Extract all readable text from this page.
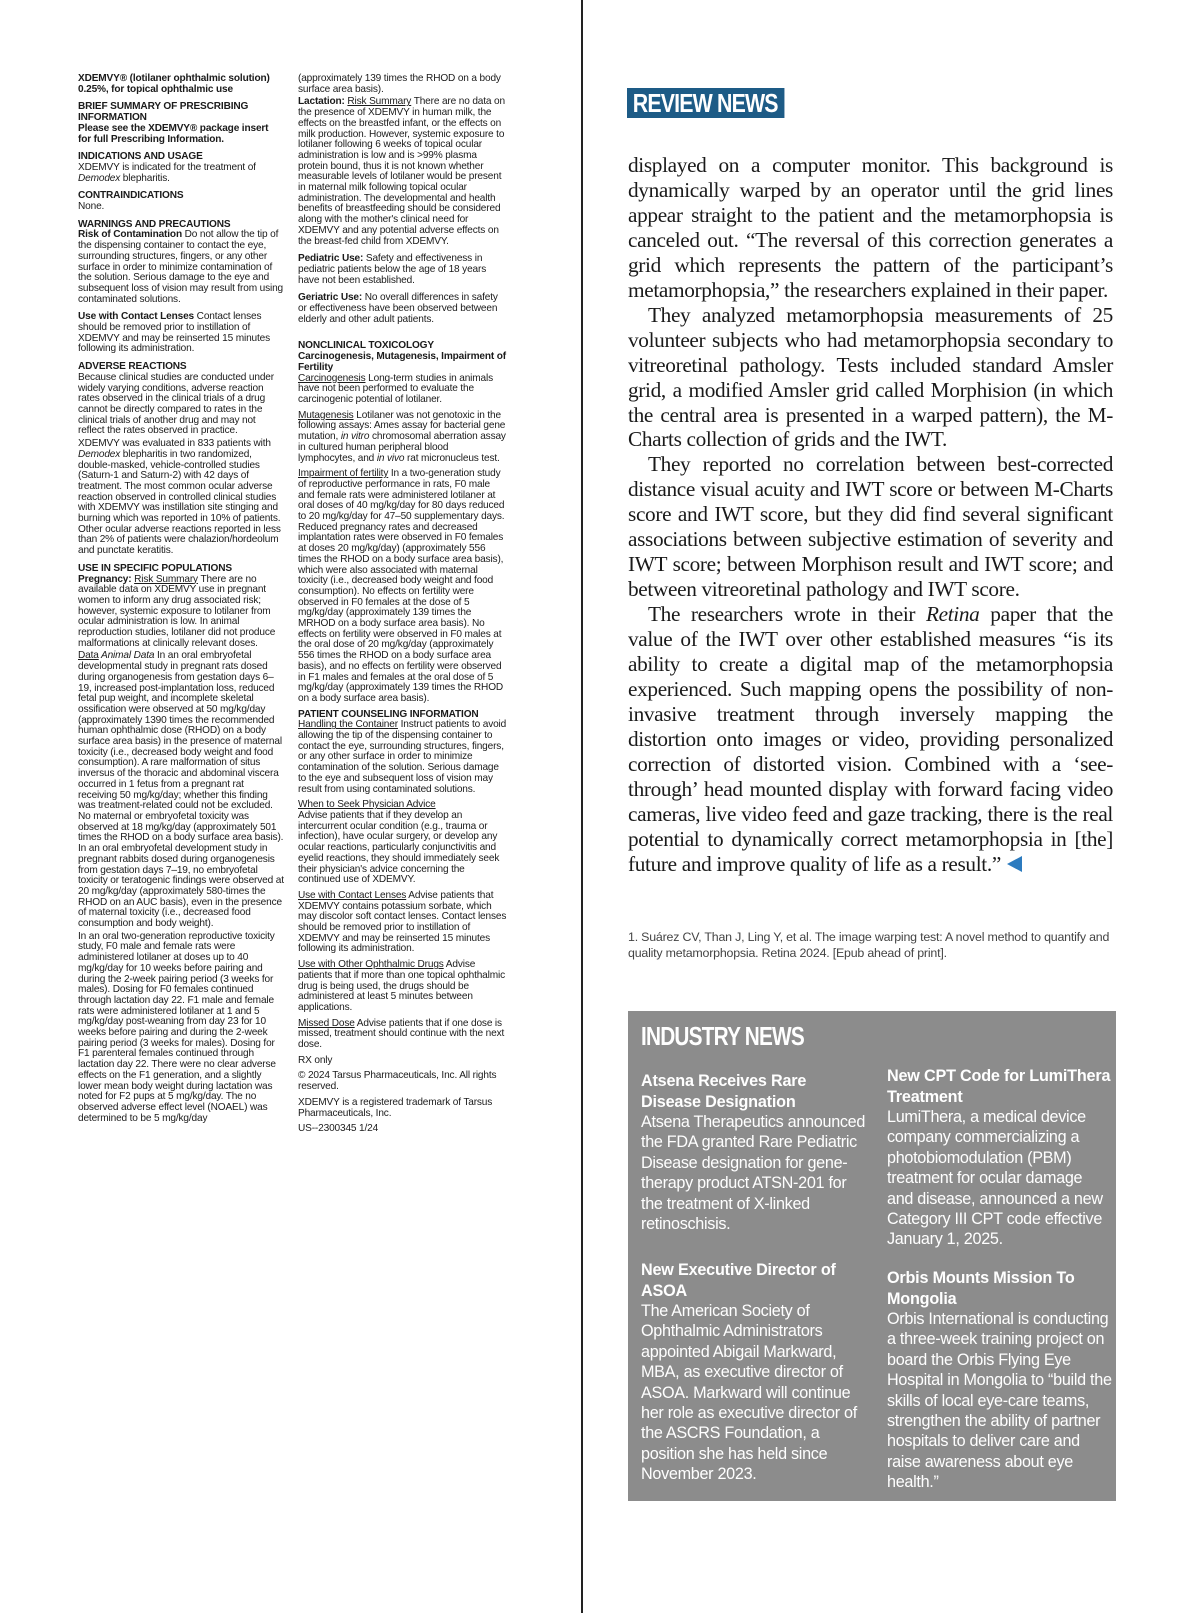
XDEMVY® (lotilaner ophthalmic solution) 0.25%, for topical ophthalmic use

BRIEF SUMMARY OF PRESCRIBING INFORMATION
Please see the XDEMVY® package insert for full Prescribing Information.

INDICATIONS AND USAGE
XDEMVY is indicated for the treatment of Demodex blepharitis.

CONTRAINDICATIONS
None.

WARNINGS AND PRECAUTIONS
Risk of Contamination Do not allow the tip of the dispensing container to contact the eye, surrounding structures, fingers, or any other surface in order to minimize contamination of the solution. Serious damage to the eye and subsequent loss of vision may result from using contaminated solutions.

Use with Contact Lenses Contact lenses should be removed prior to instillation of XDEMVY and may be reinserted 15 minutes following its administration.

ADVERSE REACTIONS
Because clinical studies are conducted under widely varying conditions, adverse reaction rates observed in the clinical trials of a drug cannot be directly compared to rates in the clinical trials of another drug and may not reflect the rates observed in practice.

XDEMVY was evaluated in 833 patients with Demodex blepharitis in two randomized, double-masked, vehicle-controlled studies (Saturn-1 and Saturn-2) with 42 days of treatment. The most common ocular adverse reaction observed in controlled clinical studies with XDEMVY was instillation site stinging and burning which was reported in 10% of patients. Other ocular adverse reactions reported in less than 2% of patients were chalazion/hordeolum and punctate keratitis.

USE IN SPECIFIC POPULATIONS
Pregnancy: Risk Summary There are no available data on XDEMVY use in pregnant women to inform any drug associated risk; however, systemic exposure to lotilaner from ocular administration is low. In animal reproduction studies, lotilaner did not produce malformations at clinically relevant doses.

Data Animal Data In an oral embryofetal developmental study in pregnant rats dosed during organogenesis from gestation days 6–19, increased post-implantation loss, reduced fetal pup weight, and incomplete skeletal ossification were observed at 50 mg/kg/day (approximately 1390 times the recommended human ophthalmic dose (RHOD) on a body surface area basis) in the presence of maternal toxicity (i.e., decreased body weight and food consumption). A rare malformation of situs inversus of the thoracic and abdominal viscera occurred in 1 fetus from a pregnant rat receiving 50 mg/kg/day; whether this finding was treatment-related could not be excluded. No maternal or embryofetal toxicity was observed at 18 mg/kg/day (approximately 501 times the RHOD on a body surface area basis). In an oral embryofetal development study in pregnant rabbits dosed during organogenesis from gestation days 7–19, no embryofetal toxicity or teratogenic findings were observed at 20 mg/kg/day (approximately 580-times the RHOD on an AUC basis), even in the presence of maternal toxicity (i.e., decreased food consumption and body weight).

In an oral two-generation reproductive toxicity study, F0 male and female rats were administered lotilaner at doses up to 40 mg/kg/day for 10 weeks before pairing and during the 2-week pairing period (3 weeks for males). Dosing for F0 females continued through lactation day 22. F1 male and female rats were administered lotilaner at 1 and 5 mg/kg/day post-weaning from day 23 for 10 weeks before pairing and during the 2-week pairing period (3 weeks for males). Dosing for F1 parenteral females continued through lactation day 22. There were no clear adverse effects on the F1 generation, and a slightly lower mean body weight during lactation was noted for F2 pups at 5 mg/kg/day. The no observed adverse effect level (NOAEL) was determined to be 5 mg/kg/day

(approximately 139 times the RHOD on a body surface area basis).

Lactation: Risk Summary There are no data on the presence of XDEMVY in human milk, the effects on the breastfed infant, or the effects on milk production. However, systemic exposure to lotilaner following 6 weeks of topical ocular administration is low and is >99% plasma protein bound, thus it is not known whether measurable levels of lotilaner would be present in maternal milk following topical ocular administration. The developmental and health benefits of breastfeeding should be considered along with the mother's clinical need for XDEMVY and any potential adverse effects on the breast-fed child from XDEMVY.

Pediatric Use: Safety and effectiveness in pediatric patients below the age of 18 years have not been established.

Geriatric Use: No overall differences in safety or effectiveness have been observed between elderly and other adult patients.

NONCLINICAL TOXICOLOGY
Carcinogenesis, Mutagenesis, Impairment of Fertility
Carcinogenesis Long-term studies in animals have not been performed to evaluate the carcinogenic potential of lotilaner.

Mutagenesis Lotilaner was not genotoxic in the following assays: Ames assay for bacterial gene mutation, in vitro chromosomal aberration assay in cultured human peripheral blood lymphocytes, and in vivo rat micronucleus test.

Impairment of fertility In a two-generation study of reproductive performance in rats, F0 male and female rats were administered lotilaner at oral doses of 40 mg/kg/day for 80 days reduced to 20 mg/kg/day for 47–50 supplementary days. Reduced pregnancy rates and decreased implantation rates were observed in F0 females at doses 20 mg/kg/day) (approximately 556 times the RHOD on a body surface area basis), which were also associated with maternal toxicity (i.e., decreased body weight and food consumption). No effects on fertility were observed in F0 females at the dose of 5 mg/kg/day (approximately 139 times the MRHOD on a body surface area basis). No effects on fertility were observed in F0 males at the oral dose of 20 mg/kg/day (approximately 556 times the RHOD on a body surface area basis), and no effects on fertility were observed in F1 males and females at the oral dose of 5 mg/kg/day (approximately 139 times the RHOD on a body surface area basis).

PATIENT COUNSELING INFORMATION
Handling the Container Instruct patients to avoid allowing the tip of the dispensing container to contact the eye, surrounding structures, fingers, or any other surface in order to minimize contamination of the solution. Serious damage to the eye and subsequent loss of vision may result from using contaminated solutions.

When to Seek Physician Advice
Advise patients that if they develop an intercurrent ocular condition (e.g., trauma or infection), have ocular surgery, or develop any ocular reactions, particularly conjunctivitis and eyelid reactions, they should immediately seek their physician's advice concerning the continued use of XDEMVY.

Use with Contact Lenses Advise patients that XDEMVY contains potassium sorbate, which may discolor soft contact lenses. Contact lenses should be removed prior to instillation of XDEMVY and may be reinserted 15 minutes following its administration.

Use with Other Ophthalmic Drugs Advise patients that if more than one topical ophthalmic drug is being used, the drugs should be administered at least 5 minutes between applications.

Missed Dose Advise patients that if one dose is missed, treatment should continue with the next dose.

RX only

© 2024 Tarsus Pharmaceuticals, Inc. All rights reserved.

XDEMVY is a registered trademark of Tarsus Pharmaceuticals, Inc.

US--2300345 1/24

REVIEW NEWS

displayed on a computer monitor. This background is dynamically warped by an operator until the grid lines appear straight to the patient and the metamorphopsia is canceled out. “The reversal of this correction generates a grid which represents the pattern of the participant’s metamorphopsia,” the researchers explained in their paper.

They analyzed metamorphopsia measurements of 25 volunteer subjects who had metamorphopsia secondary to vitreoretinal pathology. Tests included standard Amsler grid, a modified Amsler grid called Morphision (in which the central area is presented in a warped pattern), the M-Charts collection of grids and the IWT.

They reported no correlation between best-corrected distance visual acuity and IWT score or between M-Charts score and IWT score, but they did find several significant associations between subjective estimation of severity and IWT score; between Morphison result and IWT score; and between vitreoretinal pathology and IWT score.

The researchers wrote in their Retina paper that the value of the IWT over other established measures “is its ability to create a digital map of the metamorphopsia experienced. Such mapping opens the possibility of non-invasive treatment through inversely mapping the distortion onto images or video, providing personalized correction of distorted vision. Combined with a ‘see-through’ head mounted display with forward facing video cameras, live video feed and gaze tracking, there is the real potential to dynamically correct metamorphopsia in [the] future and improve quality of life as a result.”

1. Suárez CV, Than J, Ling Y, et al. The image warping test: A novel method to quantify and quality metamorphopsia. Retina 2024. [Epub ahead of print].
INDUSTRY NEWS
Atsena Receives Rare Disease Designation
Atsena Therapeutics announced the FDA granted Rare Pediatric Disease designation for gene-therapy product ATSN-201 for the treatment of X-linked retinoschisis.
New CPT Code for LumiThera Treatment
LumiThera, a medical device company commercializing a photobiomodulation (PBM) treatment for ocular damage and disease, announced a new Category III CPT code effective January 1, 2025.
New Executive Director of ASOA
The American Society of Ophthalmic Administrators appointed Abigail Markward, MBA, as executive director of ASOA. Markward will continue her role as executive director of the ASCRS Foundation, a position she has held since November 2023.
Orbis Mounts Mission To Mongolia
Orbis International is conducting a three-week training project on board the Orbis Flying Eye Hospital in Mongolia to “build the skills of local eye-care teams, strengthen the ability of partner hospitals to deliver care and raise awareness about eye health.”
